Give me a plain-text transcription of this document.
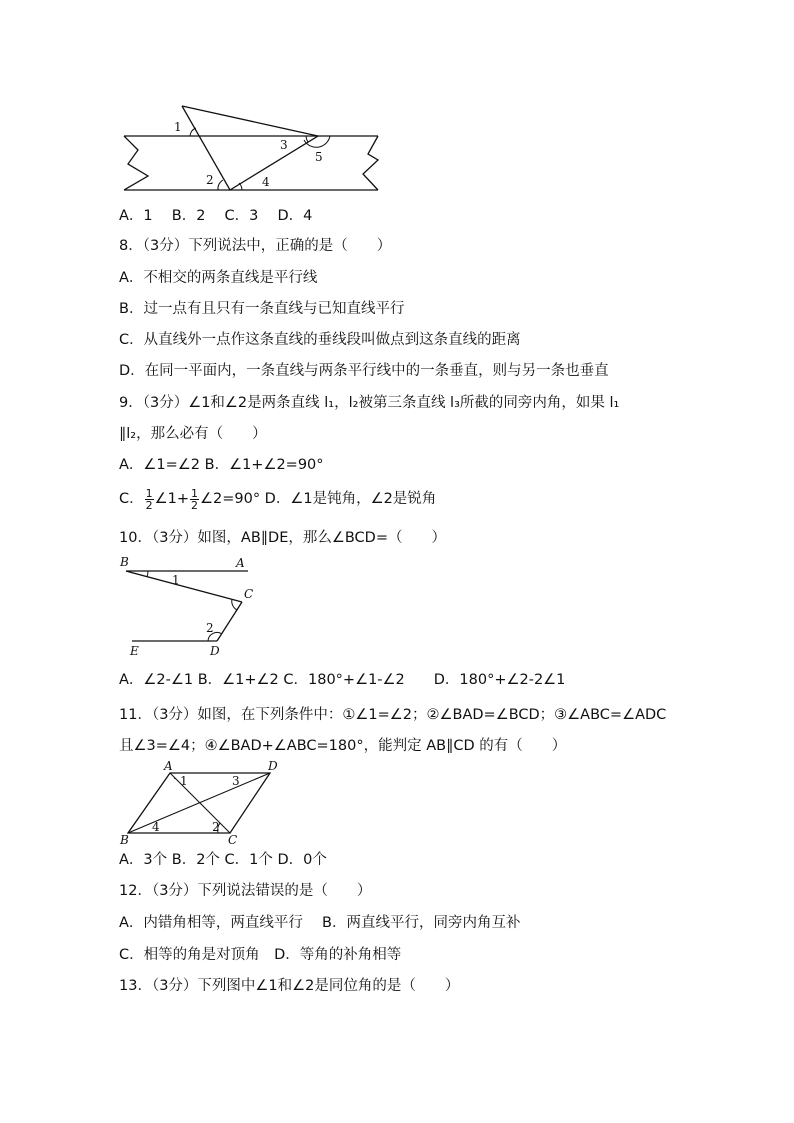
1
2
3
4
5
A．1　 B．2　 C．3　 D．4
8．（3分）下列说法中，正确的是（　　）
A．不相交的两条直线是平行线
B．过一点有且只有一条直线与已知直线平行
C．从直线外一点作这条直线的垂线段叫做点到这条直线的距离
D．在同一平面内，一条直线与两条平行线中的一条垂直，则与另一条也垂直
9．（3分）∠1和∠2是两条直线 l₁，l₂被第三条直线 l₃所截的同旁内角，如果 l₁
∥l₂，那么必有（　　）
A．∠1=∠2 B．∠1+∠2=90°
C． $\frac{1}{2}$ ∠1+ $\frac{1}{2}$ ∠2=90° D．∠1是钝角，∠2是锐角
10．（3分）如图，AB∥DE，那么∠BCD=（　　）
B	A
1
C
2
E	D
A．∠2-∠1 B．∠1+∠2 C．180°+∠1-∠2　　D．180°+∠2-2∠1
11．（3分）如图，在下列条件中：①∠1=∠2；②∠BAD=∠BCD；③∠ABC=∠ADC
且∠3=∠4；④∠BAD+∠ABC=180°，能判定 AB∥CD 的有（　　）
A	D
1	3
B
4	2
C
A．3个 B．2个 C．1个 D．0个
12．（3分）下列说法错误的是（　　）
A．内错角相等，两直线平行　 B．两直线平行，同旁内角互补
C．相等的角是对顶角　D．等角的补角相等
13．（3分）下列图中∠1和∠2是同位角的是（　　）
